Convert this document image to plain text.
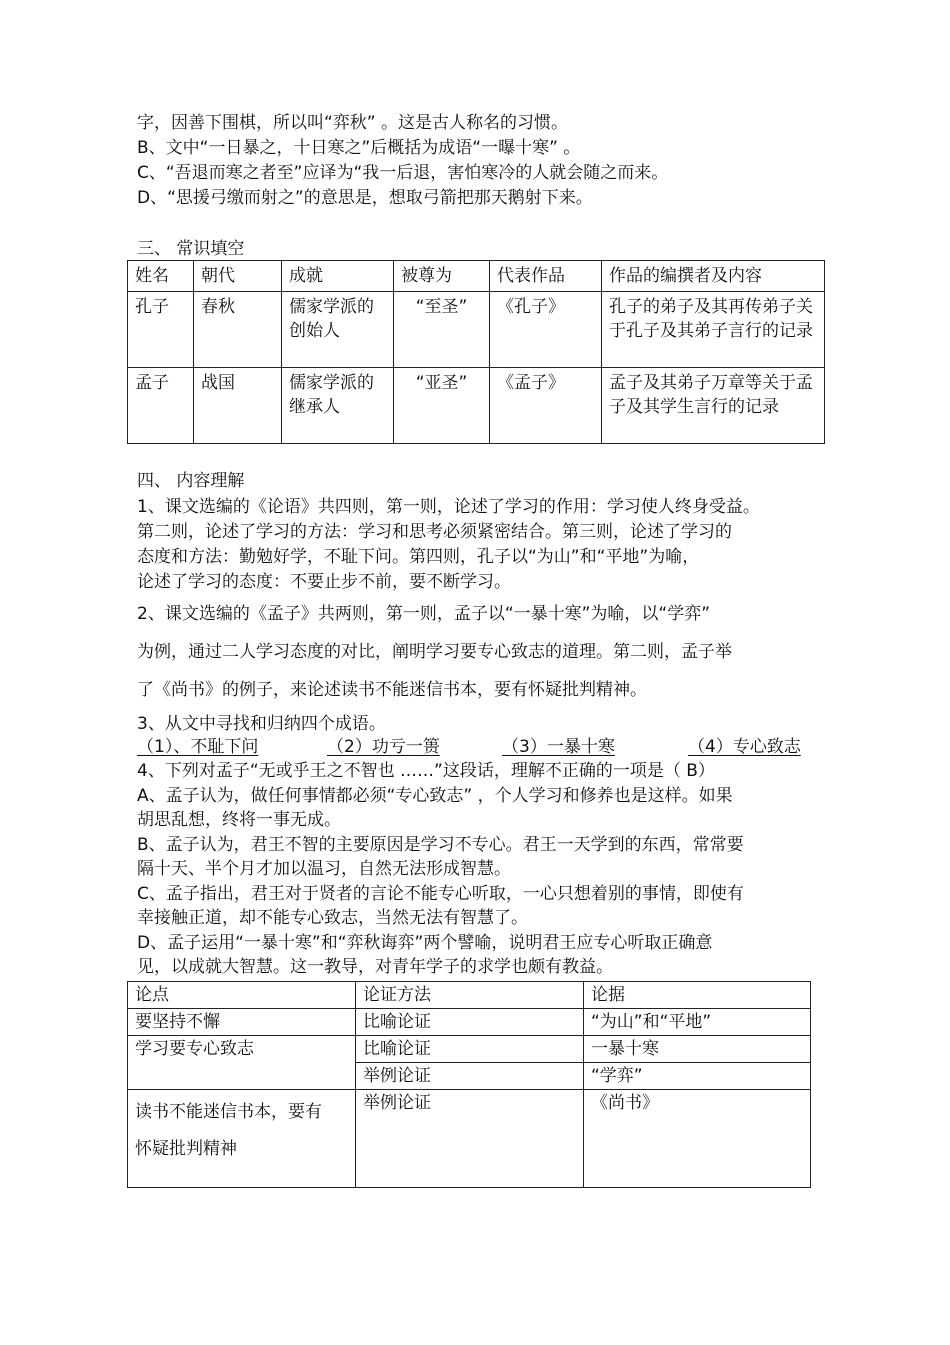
字，因善下围棋，所以叫“弈秋” 。这是古人称名的习惯。
B、文中“一日暴之，十日寒之”后概括为成语“一曝十寒” 。
C、“吾退而寒之者至”应译为“我一后退，害怕寒冷的人就会随之而来。
D、“思援弓缴而射之”的意思是，想取弓箭把那天鹅射下来。
三、 常识填空
姓名	朝代	成就	被尊为	代表作品	作品的编撰者及内容
孔子	春秋	儒家学派的创始人	“至圣”	《孔子》	孔子的弟子及其再传弟子关于孔子及其弟子言行的记录
孟子	战国	儒家学派的继承人	“亚圣”	《孟子》	孟子及其弟子万章等关于孟子及其学生言行的记录
四、 内容理解
1、课文选编的《论语》共四则，第一则，论述了学习的作用：学习使人终身受益。
第二则，论述了学习的方法：学习和思考必须紧密结合。第三则，论述了学习的
态度和方法：勤勉好学，不耻下问。第四则，孔子以“为山”和“平地”为喻，
论述了学习的态度：不要止步不前，要不断学习。
2、课文选编的《孟子》共两则，第一则，孟子以“一暴十寒”为喻，以“学弈”
为例，通过二人学习态度的对比，阐明学习要专心致志的道理。第二则，孟子举
了《尚书》的例子，来论述读书不能迷信书本，要有怀疑批判精神。
3、从文中寻找和归纳四个成语。
（1）、不耻下问	（2）功亏一篑	（3）一暴十寒	（4）专心致志
4、下列对孟子“无或乎王之不智也 ……”这段话，理解不正确的一项是（ B）
A、孟子认为，做任何事情都必须“专心致志” ，个人学习和修养也是这样。如果
胡思乱想，终将一事无成。
B、孟子认为，君王不智的主要原因是学习不专心。君王一天学到的东西，常常要
隔十天、半个月才加以温习，自然无法形成智慧。
C、孟子指出，君王对于贤者的言论不能专心听取，一心只想着别的事情，即使有
幸接触正道，却不能专心致志，当然无法有智慧了。
D、孟子运用“一暴十寒”和“弈秋诲弈”两个譬喻，说明君王应专心听取正确意
见，以成就大智慧。这一教导，对青年学子的求学也颇有教益。
论点	论证方法	论据
要坚持不懈	比喻论证	“为山”和“平地”
学习要专心致志	比喻论证	一暴十寒
	举例论证	“学弈”

读书不能迷信书本，要有
怀疑批判精神	举例论证	《尚书》
